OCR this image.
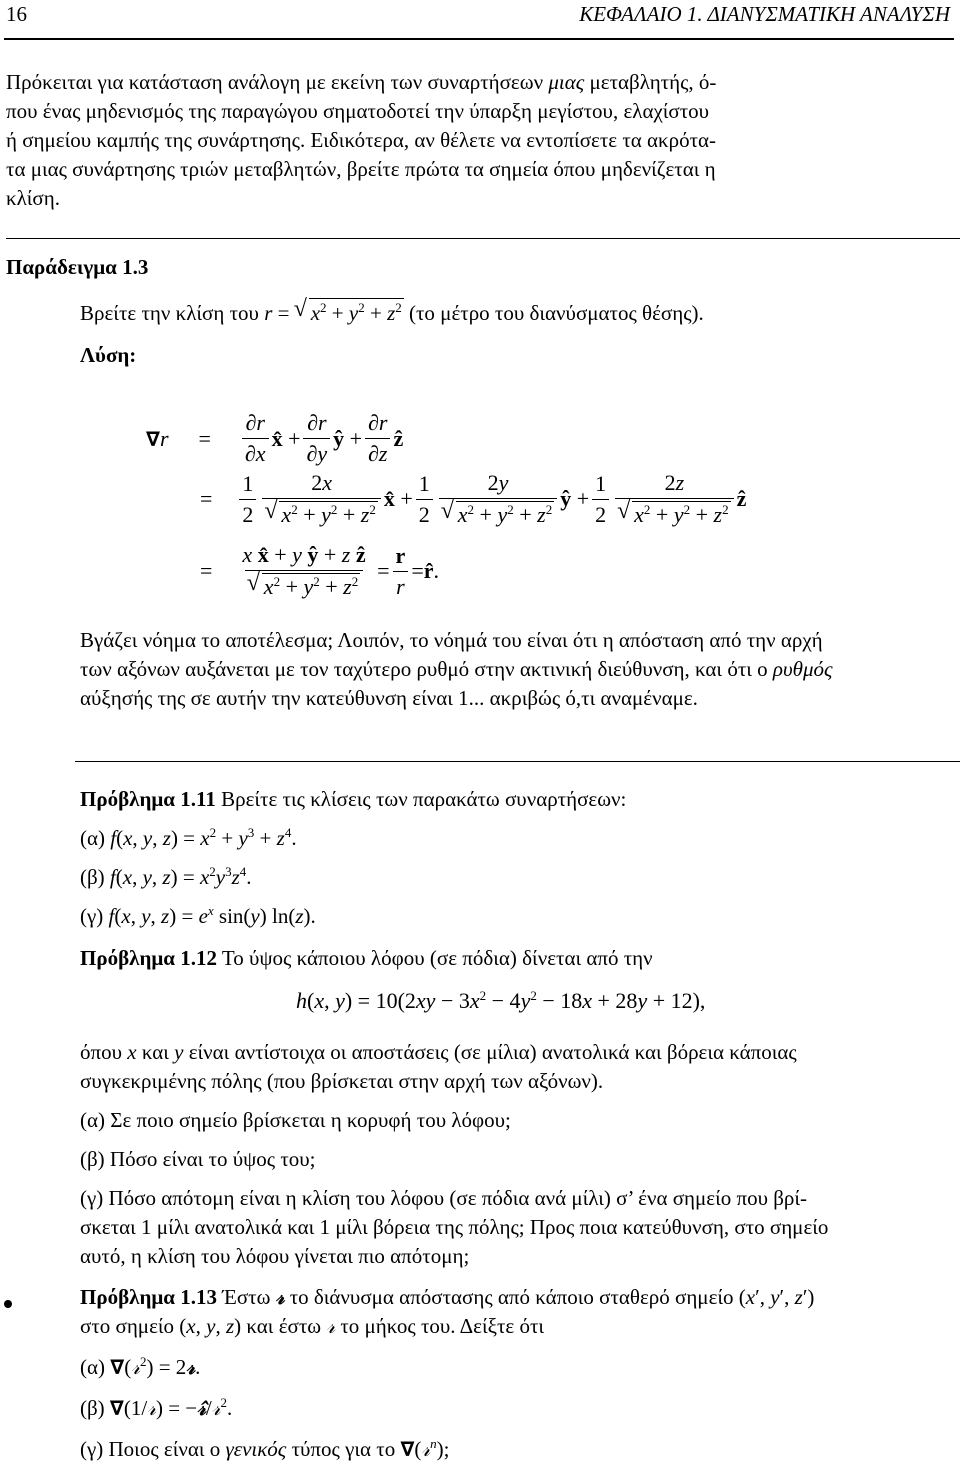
16	ΚΕΦΑΛΑΙΟ 1. ΔΙΑΝΥΣΜΑΤΙΚΗ ΑΝΑΛΥΣΗ
Πρόκειται για κατάσταση ανάλογη με εκείνη των συναρτήσεων μιας μεταβλητής, ό-
που ένας μηδενισμός της παραγώγου σηματοδοτεί την ύπαρξη μεγίστου, ελαχίστου
ή σημείου καμπής της συνάρτησης. Ειδικότερα, αν θέλετε να εντοπίσετε τα ακρότα-
τα μιας συνάρτησης τριών μεταβλητών, βρείτε πρώτα τα σημεία όπου μηδενίζεται η
κλίση.
Παράδειγμα 1.3
Βρείτε την κλίση του r = √ $x^2 + y^2 + z^2$ (το μέτρο του διανύσματος θέσης).
Λύση:
∇ $r = \frac{\partial r}{\partial x}$ x̂ + $\frac{\partial r}{\partial y}$ ŷ + $\frac{\partial r}{\partial z}$ ẑ
= $\frac{1}{2} 2x$
√ $x^2 + y^2 + z^2$ x̂ + $\frac{1}{2} 2y$
√ $x^2 + y^2 + z^2$ ŷ + $\frac{1}{2} 2z$
√ $x^2 + y^2 + z^2$ ẑ
= x x̂ + y ŷ + z ẑ
√ $x^2 + y^2 + z^2 = \frac{r}{r}$ = r̂ .
Βγάζει νόημα το αποτέλεσμα; Λοιπόν, το νόημά του είναι ότι η απόσταση από την αρχή
των αξόνων αυξάνεται με τον ταχύτερο ρυθμό στην ακτινική διεύθυνση, και ότι ο ρυθμός
αύξησής της σε αυτήν την κατεύθυνση είναι 1... ακριβώς ό,τι αναμέναμε.
Πρόβλημα 1.11 Βρείτε τις κλίσεις των παρακάτω συναρτήσεων:
(α) f(x, y, $z) = x^2 + y^3 + z^4$.
(β) f(x, y, $z) = x^2y^3z^4$.
(γ) f(x, y, $z) = e^x$ sin(y) ln(z).
Πρόβλημα 1.12 Το ύψος κάποιου λόφου (σε πόδια) δίνεται από την
h(x, $y) = 10(2xy - 3x^2 - 4y^2 - 18x + 28y + 12)$,
όπου x και y είναι αντίστοιχα οι αποστάσεις (σε μίλια) ανατολικά και βόρεια κάποιας
συγκεκριμένης πόλης (που βρίσκεται στην αρχή των αξόνων).
(α) Σε ποιο σημείο βρίσκεται η κορυφή του λόφου;
(β) Πόσο είναι το ύψος του;
(γ) Πόσο απότομη είναι η κλίση του λόφου (σε πόδια ανά μίλι) σ’ ένα σημείο που βρί-
σκεται 1 μίλι ανατολικά και 1 μίλι βόρεια της πόλης; Προς ποια κατεύθυνση, στο σημείο
αυτό, η κλίση του λόφου γίνεται πιο απότομη;
Πρόβλημα 1.13 Έστω 𝓇 το διάνυσμα απόστασης από κάποιο σταθερό σημείο (x′, y′, z′)
στο σημείο (x, y, z) και έστω 𝓇 το μήκος του. Δείξτε ότι
(α) ∇(𝓇$^2$) = 2𝓇.
(β) ∇(1/𝓇) = −𝓇̂/𝓇$^2$.
(γ) Ποιος είναι ο γενικός τύπος για το ∇(𝓇$^n$);
